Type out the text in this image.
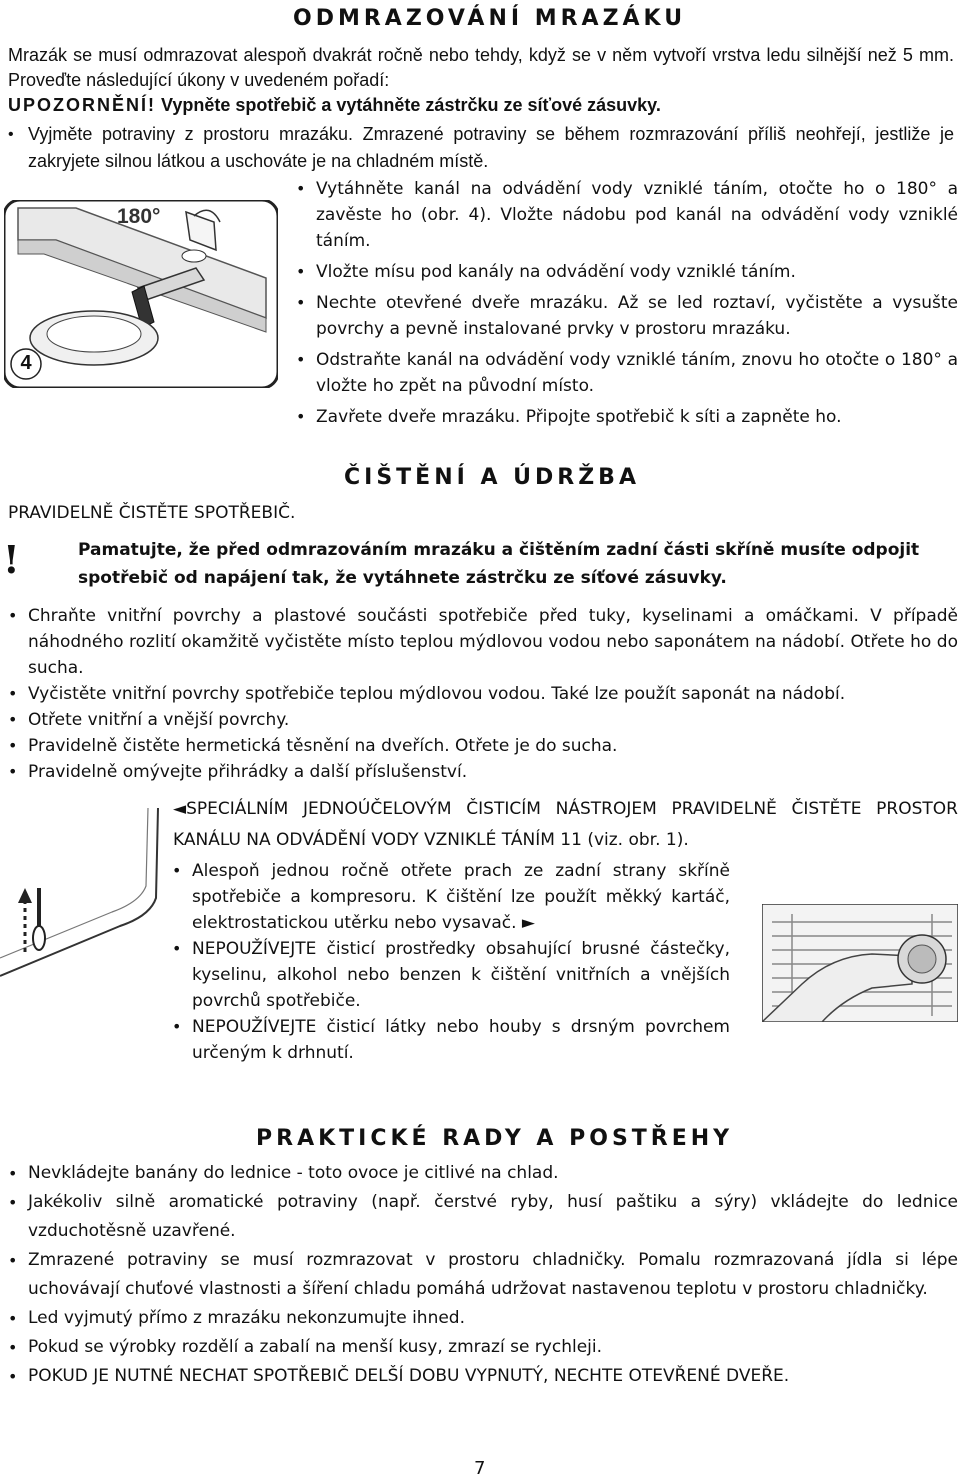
ODMRAZOVÁNÍ MRAZÁKU
Mrazák se musí odmrazovat alespoň dvakrát ročně nebo tehdy, když se v něm vytvoří vrstva ledu silnější než 5 mm. Proveďte následující úkony v uvedeném pořadí:
UPOZORNĚNÍ! Vypněte spotřebič a vytáhněte zástrčku ze síťové zásuvky.
• Vyjměte potraviny z prostoru mrazáku. Zmrazené potraviny se během rozmrazování příliš neohřejí, jestliže je zakryjete silnou látkou a uschováte je na chladném místě.
180°
4
• Vytáhněte kanál na odvádění vody vzniklé táním, otočte ho o 180° a zavěste ho (obr. 4). Vložte nádobu pod kanál na odvádění vody vzniklé táním.
• Vložte mísu pod kanály na odvádění vody vzniklé táním.
• Nechte otevřené dveře mrazáku. Až se led roztaví, vyčistěte a vysušte povrchy a pevně instalované prvky v prostoru mrazáku.
• Odstraňte kanál na odvádění vody vzniklé táním, znovu ho otočte o 180° a vložte ho zpět na původní místo.
• Zavřete dveře mrazáku. Připojte spotřebič k síti a zapněte ho.
ČIŠTĚNÍ A ÚDRŽBA

PRAVIDELNĚ ČISTĚTE SPOTŘEBIČ.

!	Pamatujte, že před odmrazováním mrazáku a čištěním zadní části skříně musíte odpojit spotřebič od napájení tak, že vytáhnete zástrčku ze síťové zásuvky.

• Chraňte vnitřní povrchy a plastové součásti spotřebiče před tuky, kyselinami a omáčkami. V případě náhodného rozlití okamžitě vyčistěte místo teplou mýdlovou vodou nebo saponátem na nádobí. Otřete ho do sucha.
• Vyčistěte vnitřní povrchy spotřebiče teplou mýdlovou vodou. Také lze použít saponát na nádobí.
• Otřete vnitřní a vnější povrchy.
• Pravidelně čistěte hermetická těsnění na dveřích. Otřete je do sucha.
• Pravidelně omývejte přihrádky a další příslušenství.

◄SPECIÁLNÍM JEDNOÚČELOVÝM ČISTICÍM NÁSTROJEM PRAVIDELNĚ ČISTĚTE PROSTOR KANÁLU NA ODVÁDĚNÍ VODY VZNIKLÉ TÁNÍM 11 (viz. obr. 1).

• Alespoň jednou ročně otřete prach ze zadní strany skříně spotřebiče a kompresoru. K čištění lze použít měkký kartáč, elektrostatickou utěrku nebo vysavač. ►
• NEPOUŽÍVEJTE čisticí prostředky obsahující brusné částečky, kyselinu, alkohol nebo benzen k čištění vnitřních a vnějších povrchů spotřebiče.
• NEPOUŽÍVEJTE čisticí látky nebo houby s drsným povrchem určeným k drhnutí.
PRAKTICKÉ RADY A POSTŘEHY
• Nevkládejte banány do lednice - toto ovoce je citlivé na chlad.
• Jakékoliv silně aromatické potraviny (např. čerstvé ryby, husí paštiku a sýry) vkládejte do lednice vzduchotěsně uzavřené.
• Zmrazené potraviny se musí rozmrazovat v prostoru chladničky. Pomalu rozmrazovaná jídla si lépe uchovávají chuťové vlastnosti a šíření chladu pomáhá udržovat nastavenou teplotu v prostoru chladničky.
• Led vyjmutý přímo z mrazáku nekonzumujte ihned.
• Pokud se výrobky rozdělí a zabalí na menší kusy, zmrazí se rychleji.
• POKUD JE NUTNÉ NECHAT SPOTŘEBIČ DELŠÍ DOBU VYPNUTÝ, NECHTE OTEVŘENÉ DVEŘE.
7
